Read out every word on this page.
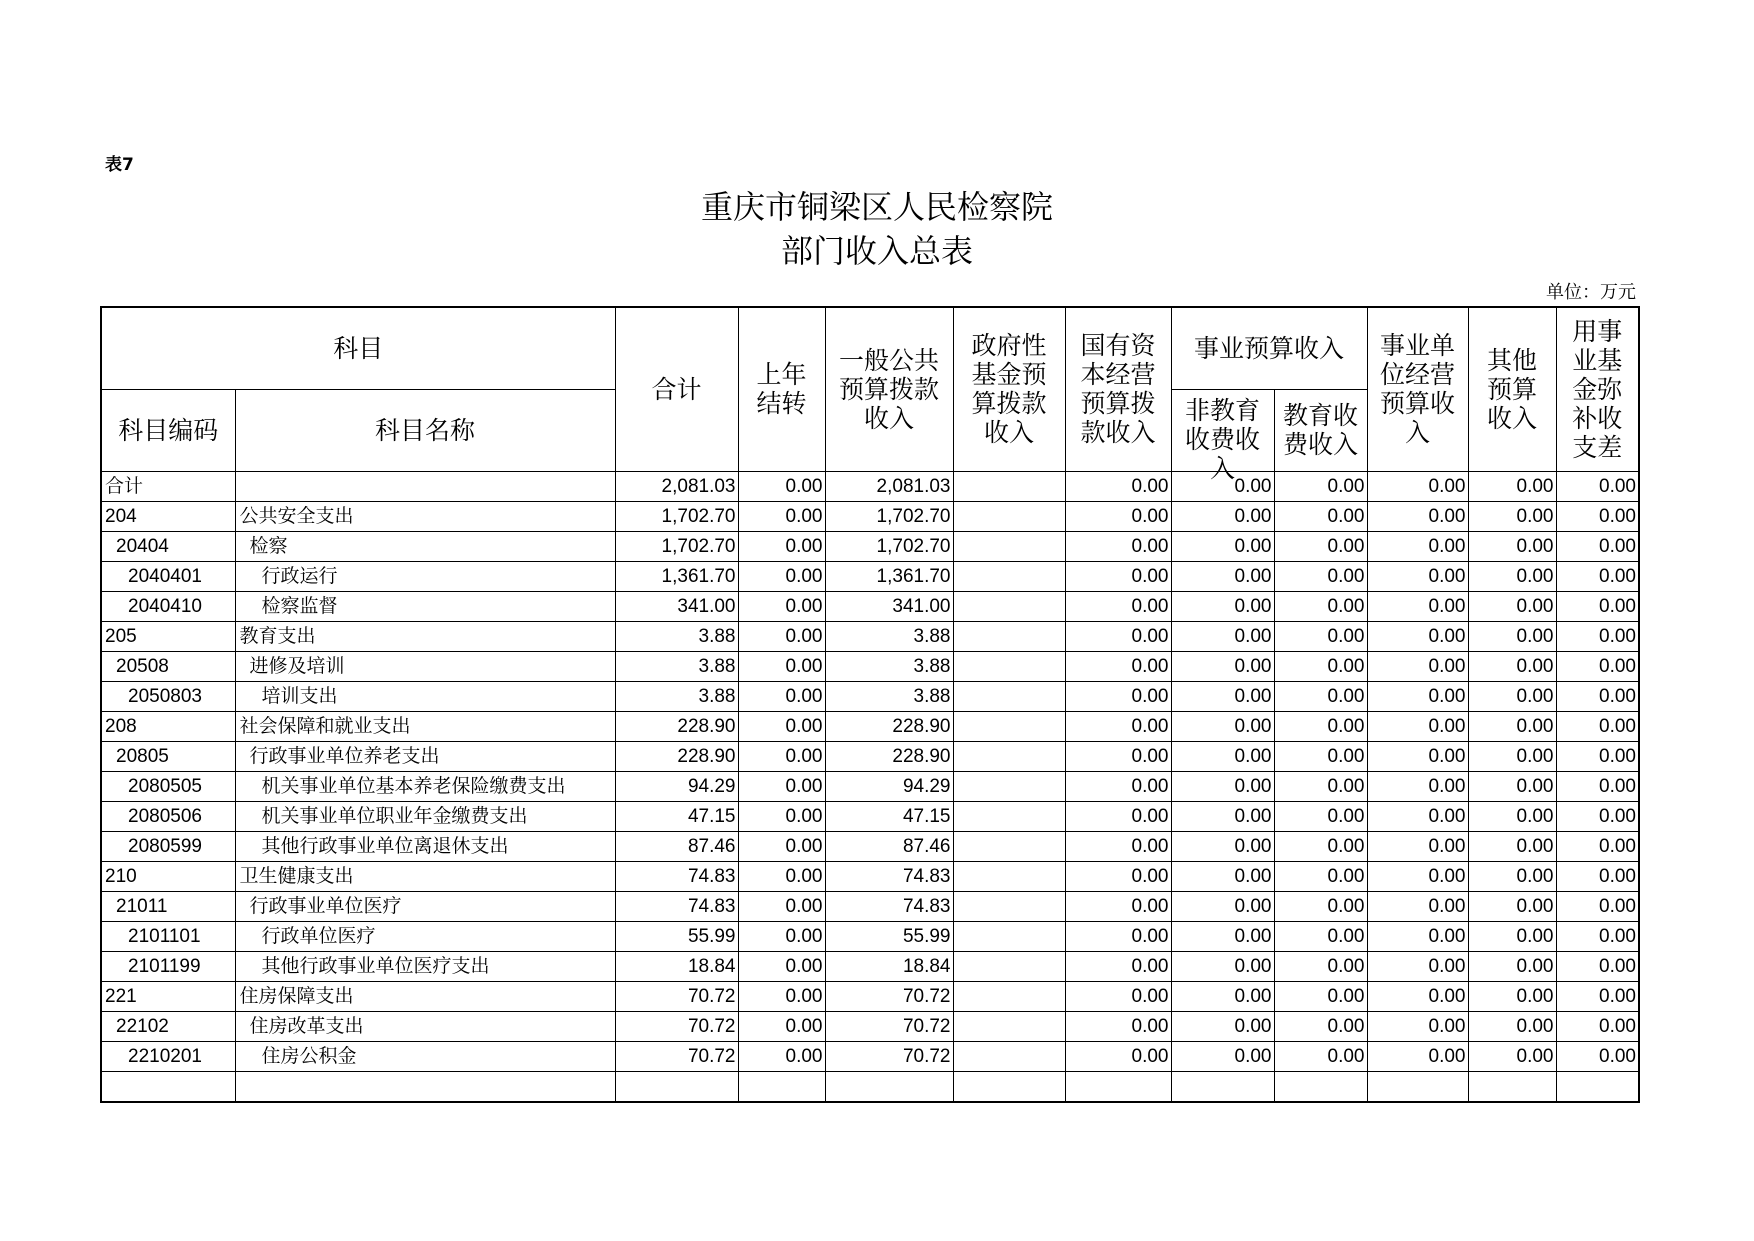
表7
重庆市铜梁区人民检察院
部门收入总表
单位：万元
科目		合计	上年结转	一般公共预算拨款收入	政府性基金预算拨款收入	国有资本经营预算拨款收入	事业预算收入		事业单位经营预算收入	其他预算收入	用事业基金弥补收支差

科目编码	科目名称						非教育收费收入	教育收费收入			

合计		2,081.03	0.00	2,081.03		0.00	0.00	0.00	0.00	0.00	0.00
204	公共安全支出	1,702.70	0.00	1,702.70		0.00	0.00	0.00	0.00	0.00	0.00
20404	检察	1,702.70	0.00	1,702.70		0.00	0.00	0.00	0.00	0.00	0.00
2040401	行政运行	1,361.70	0.00	1,361.70		0.00	0.00	0.00	0.00	0.00	0.00
2040410	检察监督	341.00	0.00	341.00		0.00	0.00	0.00	0.00	0.00	0.00
205	教育支出	3.88	0.00	3.88		0.00	0.00	0.00	0.00	0.00	0.00
20508	进修及培训	3.88	0.00	3.88		0.00	0.00	0.00	0.00	0.00	0.00
2050803	培训支出	3.88	0.00	3.88		0.00	0.00	0.00	0.00	0.00	0.00
208	社会保障和就业支出	228.90	0.00	228.90		0.00	0.00	0.00	0.00	0.00	0.00
20805	行政事业单位养老支出	228.90	0.00	228.90		0.00	0.00	0.00	0.00	0.00	0.00
2080505	机关事业单位基本养老保险缴费支出	94.29	0.00	94.29		0.00	0.00	0.00	0.00	0.00	0.00
2080506	机关事业单位职业年金缴费支出	47.15	0.00	47.15		0.00	0.00	0.00	0.00	0.00	0.00
2080599	其他行政事业单位离退休支出	87.46	0.00	87.46		0.00	0.00	0.00	0.00	0.00	0.00
210	卫生健康支出	74.83	0.00	74.83		0.00	0.00	0.00	0.00	0.00	0.00
21011	行政事业单位医疗	74.83	0.00	74.83		0.00	0.00	0.00	0.00	0.00	0.00
2101101	行政单位医疗	55.99	0.00	55.99		0.00	0.00	0.00	0.00	0.00	0.00
2101199	其他行政事业单位医疗支出	18.84	0.00	18.84		0.00	0.00	0.00	0.00	0.00	0.00
221	住房保障支出	70.72	0.00	70.72		0.00	0.00	0.00	0.00	0.00	0.00
22102	住房改革支出	70.72	0.00	70.72		0.00	0.00	0.00	0.00	0.00	0.00
2210201	住房公积金	70.72	0.00	70.72		0.00	0.00	0.00	0.00	0.00	0.00
